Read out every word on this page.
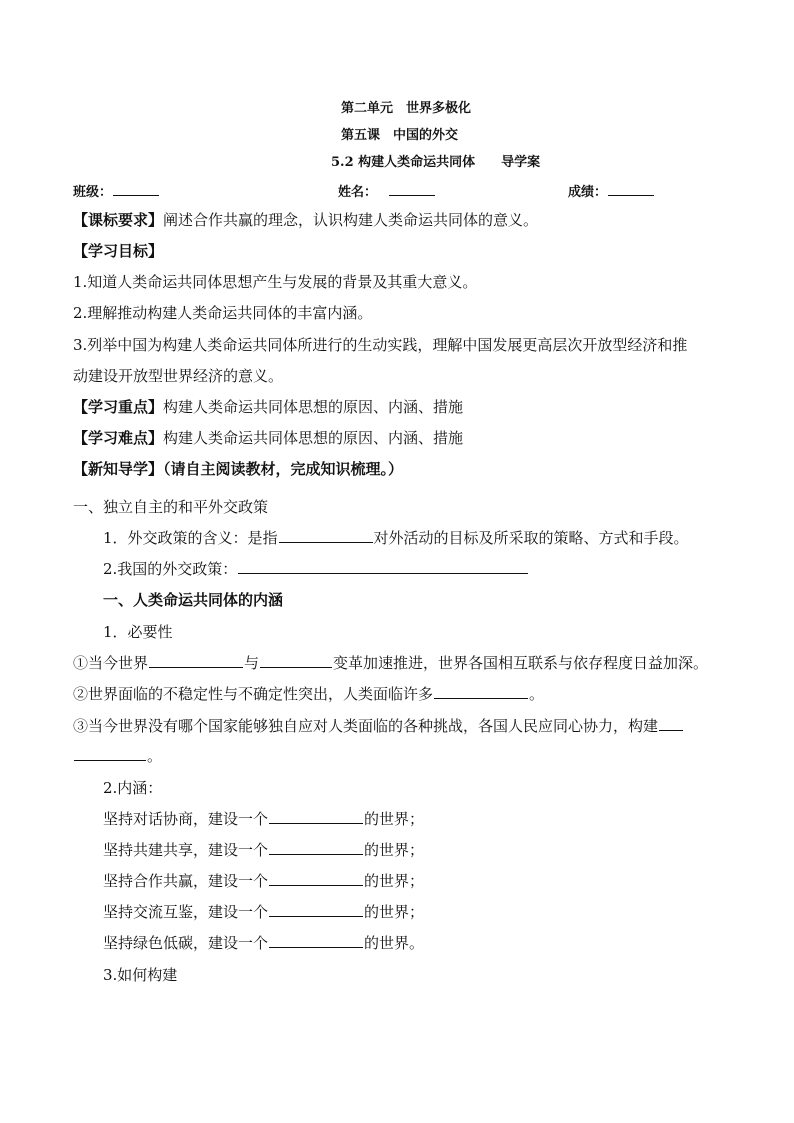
第二单元　世界多极化
第五课　中国的外交
5.2 构建人类命运共同体　　导学案
班级：	姓名：	成绩：
【课标要求】阐述合作共赢的理念，认识构建人类命运共同体的意义。
【学习目标】
1.知道人类命运共同体思想产生与发展的背景及其重大意义。
2.理解推动构建人类命运共同体的丰富内涵。
3.列举中国为构建人类命运共同体所进行的生动实践，理解中国发展更高层次开放型经济和推
动建设开放型世界经济的意义。
【学习重点】构建人类命运共同体思想的原因、内涵、措施
【学习难点】构建人类命运共同体思想的原因、内涵、措施
【新知导学】（请自主阅读教材，完成知识梳理。）
一、独立自主的和平外交政策
1．外交政策的含义：是指	对外活动的目标及所采取的策略、方式和手段。
2.我国的外交政策：
一、人类命运共同体的内涵
1．必要性
①当今世界	与	变革加速推进，世界各国相互联系与依存程度日益加深。
②世界面临的不稳定性与不确定性突出，人类面临许多	。
③当今世界没有哪个国家能够独自应对人类面临的各种挑战，各国人民应同心协力，构建
。
2.内涵：
坚持对话协商，建设一个	的世界；
坚持共建共享，建设一个	的世界；
坚持合作共赢，建设一个	的世界；
坚持交流互鉴，建设一个	的世界；
坚持绿色低碳，建设一个	的世界。
3.如何构建
